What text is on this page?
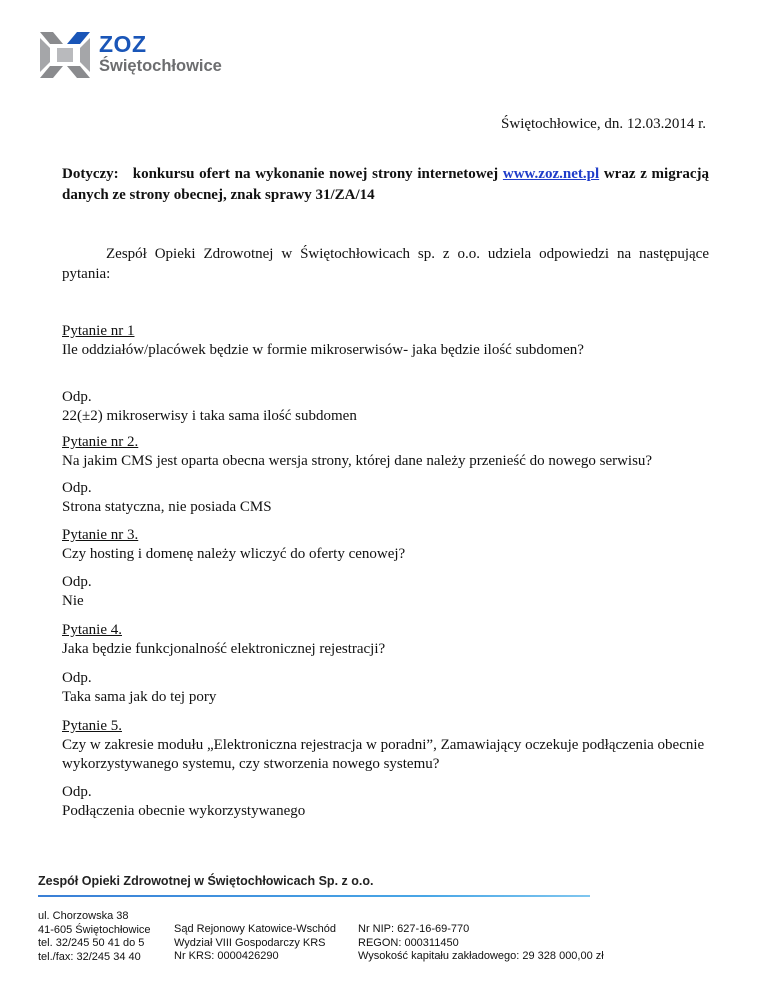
ZOZ
Świętochłowice
Świętochłowice, dn. 12.03.2014 r.
Dotyczy: konkursu ofert na wykonanie nowej strony internetowej www.zoz.net.pl wraz z migracją danych ze strony obecnej, znak sprawy 31/ZA/14
Zespół Opieki Zdrowotnej w Świętochłowicach sp. z o.o. udziela odpowiedzi na następujące pytania:
Pytanie nr 1
Ile oddziałów/placówek będzie w formie mikroserwisów- jaka będzie ilość subdomen?
Odp.
22(±2) mikroserwisy i taka sama ilość subdomen
Pytanie nr 2.
Na jakim CMS jest oparta obecna wersja strony, której dane należy przenieść do nowego serwisu?
Odp.
Strona statyczna, nie posiada CMS
Pytanie nr 3.
Czy hosting i domenę należy wliczyć do oferty cenowej?
Odp.
Nie
Pytanie 4.
Jaka będzie funkcjonalność elektronicznej rejestracji?
Odp.
Taka sama jak do tej pory
Pytanie 5.
Czy w zakresie modułu „Elektroniczna rejestracja w poradni”, Zamawiający oczekuje podłączenia obecnie wykorzystywanego systemu, czy stworzenia nowego systemu?
Odp.
Podłączenia obecnie wykorzystywanego
Zespół Opieki Zdrowotnej w Świętochłowicach Sp. z o.o.
ul. Chorzowska 38
41-605 Świętochłowice
tel. 32/245 50 41 do 5
tel./fax: 32/245 34 40
Sąd Rejonowy Katowice-Wschód
Wydział VIII Gospodarczy KRS
Nr KRS: 0000426290
Nr NIP: 627-16-69-770
REGON: 000311450
Wysokość kapitału zakładowego: 29 328 000,00 zł
